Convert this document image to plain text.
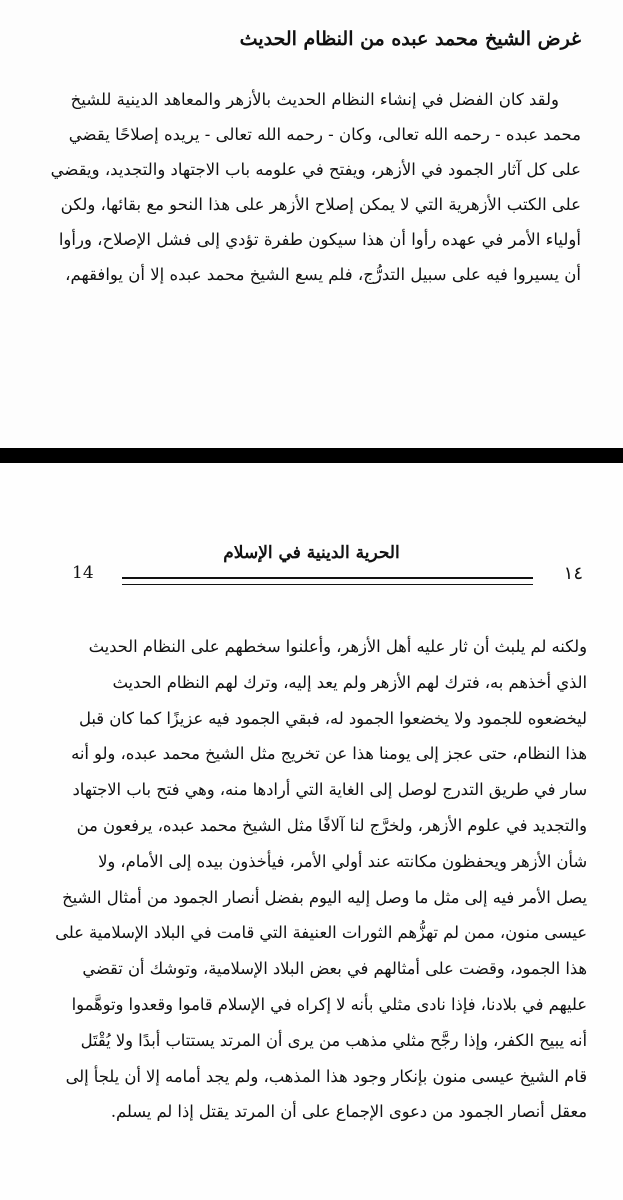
غرض الشيخ محمد عبده من النظام الحديث

ولقد كان الفضل في إنشاء النظام الحديث بالأزهر والمعاهد الدينية للشيخ

محمد عبده - رحمه الله تعالى، وكان - رحمه الله تعالى - يريده إصلاحًا يقضي

على كل آثار الجمود في الأزهر، ويفتح في علومه باب الاجتهاد والتجديد، ويقضي

على الكتب الأزهرية التي لا يمكن إصلاح الأزهر على هذا النحو مع بقائها، ولكن

أولياء الأمر في عهده رأوا أن هذا سيكون طفرة تؤدي إلى فشل الإصلاح، ورأوا

أن يسيروا فيه على سبيل التدرُّج، فلم يسع الشيخ محمد عبده إلا أن يوافقهم،

الحرية الدينية في الإسلام
14	١٤

ولكنه لم يلبث أن ثار عليه أهل الأزهر، وأعلنوا سخطهم على النظام الحديث

الذي أخذهم به، فترك لهم الأزهر ولم يعد إليه، وترك لهم النظام الحديث

ليخضعوه للجمود ولا يخضعوا الجمود له، فبقي الجمود فيه عزيزًا كما كان قبل

هذا النظام، حتى عجز إلى يومنا هذا عن تخريج مثل الشيخ محمد عبده، ولو أنه

سار في طريق التدرج لوصل إلى الغاية التي أرادها منه، وهي فتح باب الاجتهاد

والتجديد في علوم الأزهر، ولخرَّج لنا آلافًا مثل الشيخ محمد عبده، يرفعون من

شأن الأزهر ويحفظون مكانته عند أولي الأمر، فيأخذون بيده إلى الأمام، ولا

يصل الأمر فيه إلى مثل ما وصل إليه اليوم بفضل أنصار الجمود من أمثال الشيخ

عيسى منون، ممن لم تهزُّهم الثورات العنيفة التي قامت في البلاد الإسلامية على

هذا الجمود، وقضت على أمثالهم في بعض البلاد الإسلامية، وتوشك أن تقضي

عليهم في بلادنا، فإذا نادى مثلي بأنه لا إكراه في الإسلام قاموا وقعدوا وتوهَّموا

أنه يبيح الكفر، وإذا رجَّح مثلي مذهب من يرى أن المرتد يستتاب أبدًا ولا يُقْتَل

قام الشيخ عيسى منون بإنكار وجود هذا المذهب، ولم يجد أمامه إلا أن يلجأ إلى

معقل أنصار الجمود من دعوى الإجماع على أن المرتد يقتل إذا لم يسلم.
